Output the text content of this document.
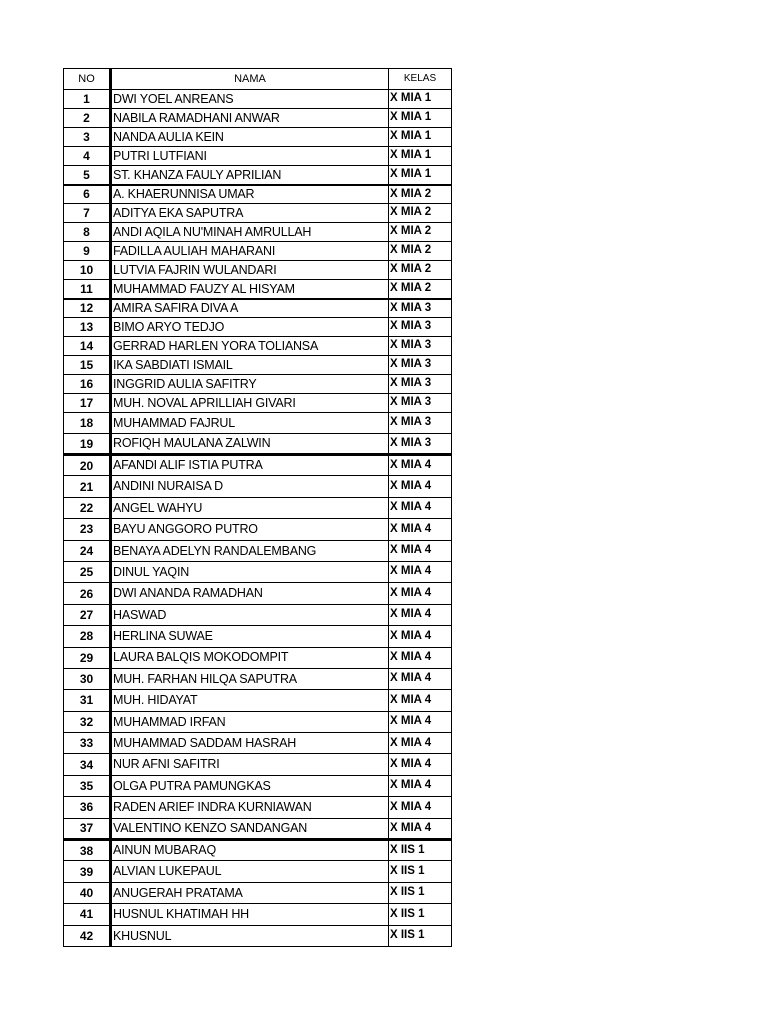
NO	NAMA	KELAS
1	DWI YOEL ANREANS	X MIA 1
2	NABILA RAMADHANI ANWAR	X MIA 1
3	NANDA AULIA KEIN	X MIA 1
4	PUTRI LUTFIANI	X MIA 1
5	ST. KHANZA FAULY APRILIAN	X MIA 1
6	A. KHAERUNNISA UMAR	X MIA 2
7	ADITYA EKA SAPUTRA	X MIA 2
8	ANDI AQILA NU'MINAH AMRULLAH	X MIA 2
9	FADILLA AULIAH MAHARANI	X MIA 2
10	LUTVIA FAJRIN WULANDARI	X MIA 2
11	MUHAMMAD FAUZY AL HISYAM	X MIA 2
12	AMIRA SAFIRA DIVA A	X MIA 3
13	BIMO ARYO TEDJO	X MIA 3
14	GERRAD HARLEN YORA TOLIANSA	X MIA 3
15	IKA SABDIATI ISMAIL	X MIA 3
16	INGGRID AULIA SAFITRY	X MIA 3
17	MUH. NOVAL APRILLIAH GIVARI	X MIA 3
18	MUHAMMAD FAJRUL	X MIA 3
19	ROFIQH MAULANA ZALWIN	X MIA 3
20	AFANDI ALIF ISTIA PUTRA	X MIA 4
21	ANDINI NURAISA D	X MIA 4
22	ANGEL WAHYU	X MIA 4
23	BAYU ANGGORO PUTRO	X MIA 4
24	BENAYA ADELYN RANDALEMBANG	X MIA 4
25	DINUL YAQIN	X MIA 4
26	DWI ANANDA RAMADHAN	X MIA 4
27	HASWAD	X MIA 4
28	HERLINA SUWAE	X MIA 4
29	LAURA BALQIS MOKODOMPIT	X MIA 4
30	MUH. FARHAN HILQA SAPUTRA	X MIA 4
31	MUH. HIDAYAT	X MIA 4
32	MUHAMMAD IRFAN	X MIA 4
33	MUHAMMAD SADDAM HASRAH	X MIA 4
34	NUR AFNI SAFITRI	X MIA 4
35	OLGA PUTRA PAMUNGKAS	X MIA 4
36	RADEN ARIEF INDRA KURNIAWAN	X MIA 4
37	VALENTINO KENZO SANDANGAN	X MIA 4
38	AINUN MUBARAQ	X IIS 1
39	ALVIAN LUKEPAUL	X IIS 1
40	ANUGERAH PRATAMA	X IIS 1
41	HUSNUL KHATIMAH HH	X IIS 1
42	KHUSNUL	X IIS 1
